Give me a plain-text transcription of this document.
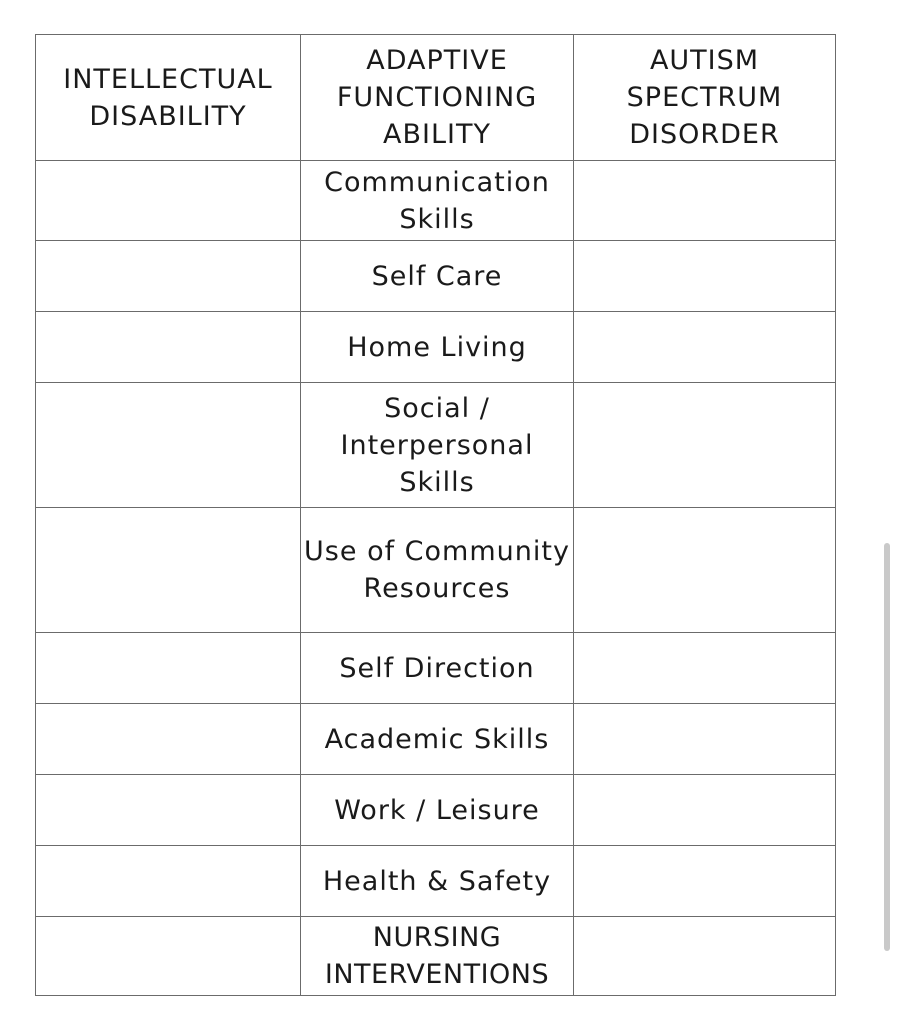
INTELLECTUAL DISABILITY	ADAPTIVE FUNCTIONING ABILITY	AUTISM SPECTRUM DISORDER
	Communication Skills	
	Self Care	
	Home Living	
	Social / Interpersonal Skills	
	Use of Community Resources	
	Self Direction	
	Academic Skills	
	Work / Leisure	
	Health & Safety	
	NURSING INTERVENTIONS	
